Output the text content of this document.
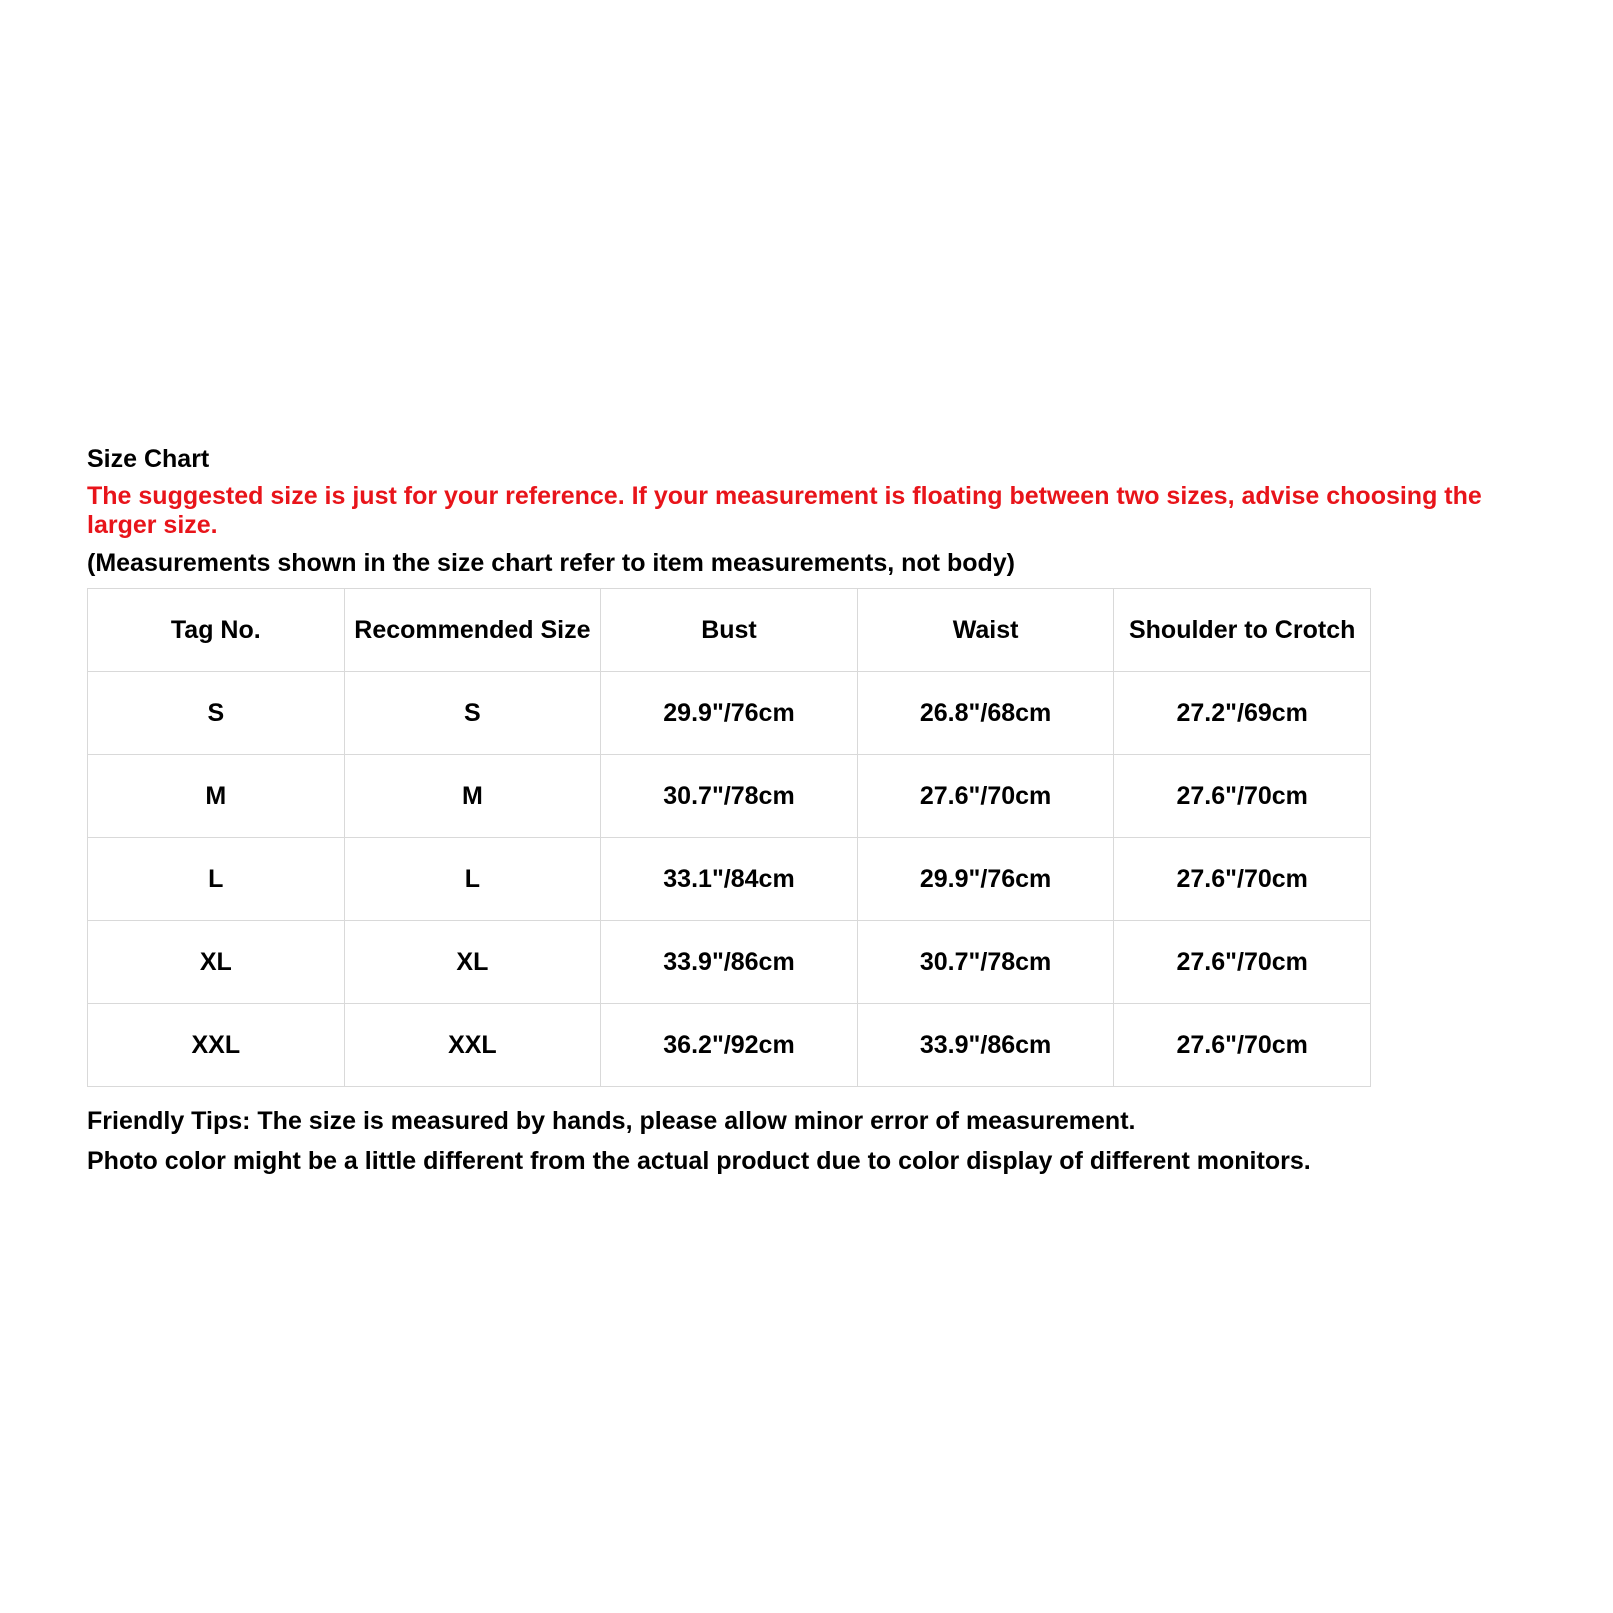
Size Chart
The suggested size is just for your reference. If your measurement is floating between two sizes, advise choosing the larger size.
(Measurements shown in the size chart refer to item measurements, not body)
Tag No.	Recommended Size	Bust	Waist	Shoulder to Crotch
S	S	29.9"/76cm	26.8"/68cm	27.2"/69cm
M	M	30.7"/78cm	27.6"/70cm	27.6"/70cm
L	L	33.1"/84cm	29.9"/76cm	27.6"/70cm
XL	XL	33.9"/86cm	30.7"/78cm	27.6"/70cm
XXL	XXL	36.2"/92cm	33.9"/86cm	27.6"/70cm
Friendly Tips: The size is measured by hands, please allow minor error of measurement.
Photo color might be a little different from the actual product due to color display of different monitors.
